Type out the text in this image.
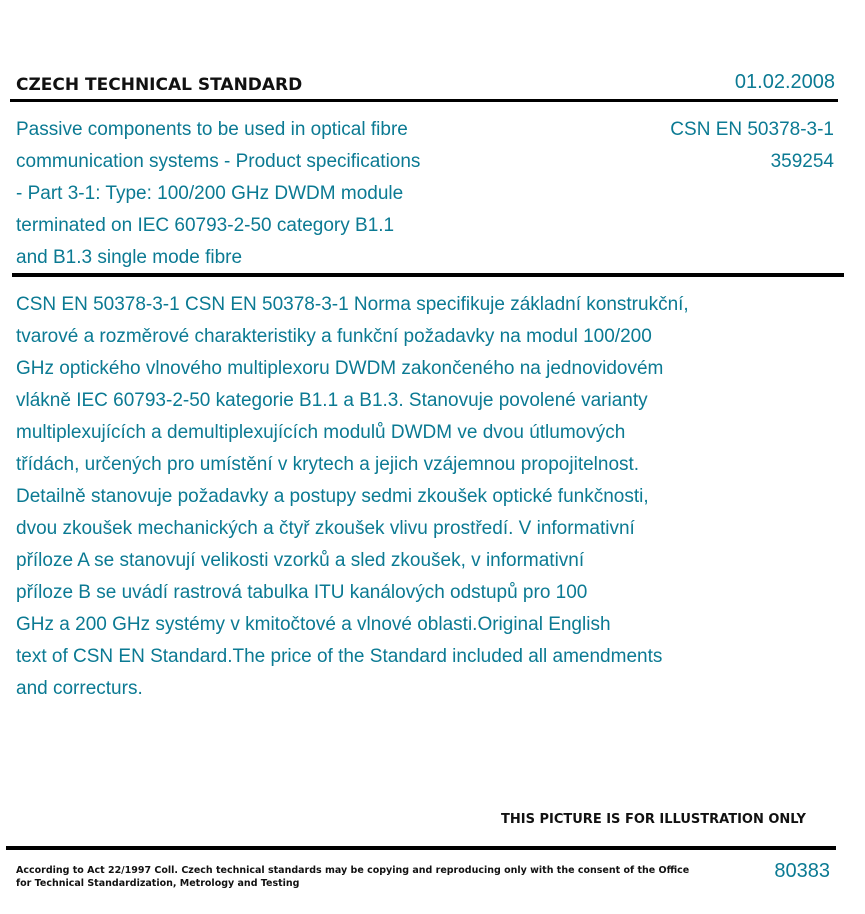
CZECH TECHNICAL STANDARD	01.02.2008
Passive components to be used in optical fibre
communication systems - Product specifications
- Part 3-1: Type: 100/200 GHz DWDM module
terminated on IEC 60793-2-50 category B1.1
and B1.3 single mode fibre
CSN EN 50378-3-1
359254
CSN EN 50378-3-1 CSN EN 50378-3-1 Norma specifikuje základní konstrukční,
tvarové a rozměrové charakteristiky a funkční požadavky na modul 100/200
GHz optického vlnového multiplexoru DWDM zakončeného na jednovidovém
vlákně IEC 60793-2-50 kategorie B1.1 a B1.3. Stanovuje povolené varianty
multiplexujících a demultiplexujících modulů DWDM ve dvou útlumových
třídách, určených pro umístění v krytech a jejich vzájemnou propojitelnost.
Detailně stanovuje požadavky a postupy sedmi zkoušek optické funkčnosti,
dvou zkoušek mechanických a čtyř zkoušek vlivu prostředí. V informativní
příloze A se stanovují velikosti vzorků a sled zkoušek, v informativní
příloze B se uvádí rastrová tabulka ITU kanálových odstupů pro 100
GHz a 200 GHz systémy v kmitočtové a vlnové oblasti.Original English
text of CSN EN Standard.The price of the Standard included all amendments
and correcturs.
THIS PICTURE IS FOR ILLUSTRATION ONLY
According to Act 22/1997 Coll. Czech technical standards may be copying and reproducing only with the consent of the Office
for Technical Standardization, Metrology and Testing
80383
